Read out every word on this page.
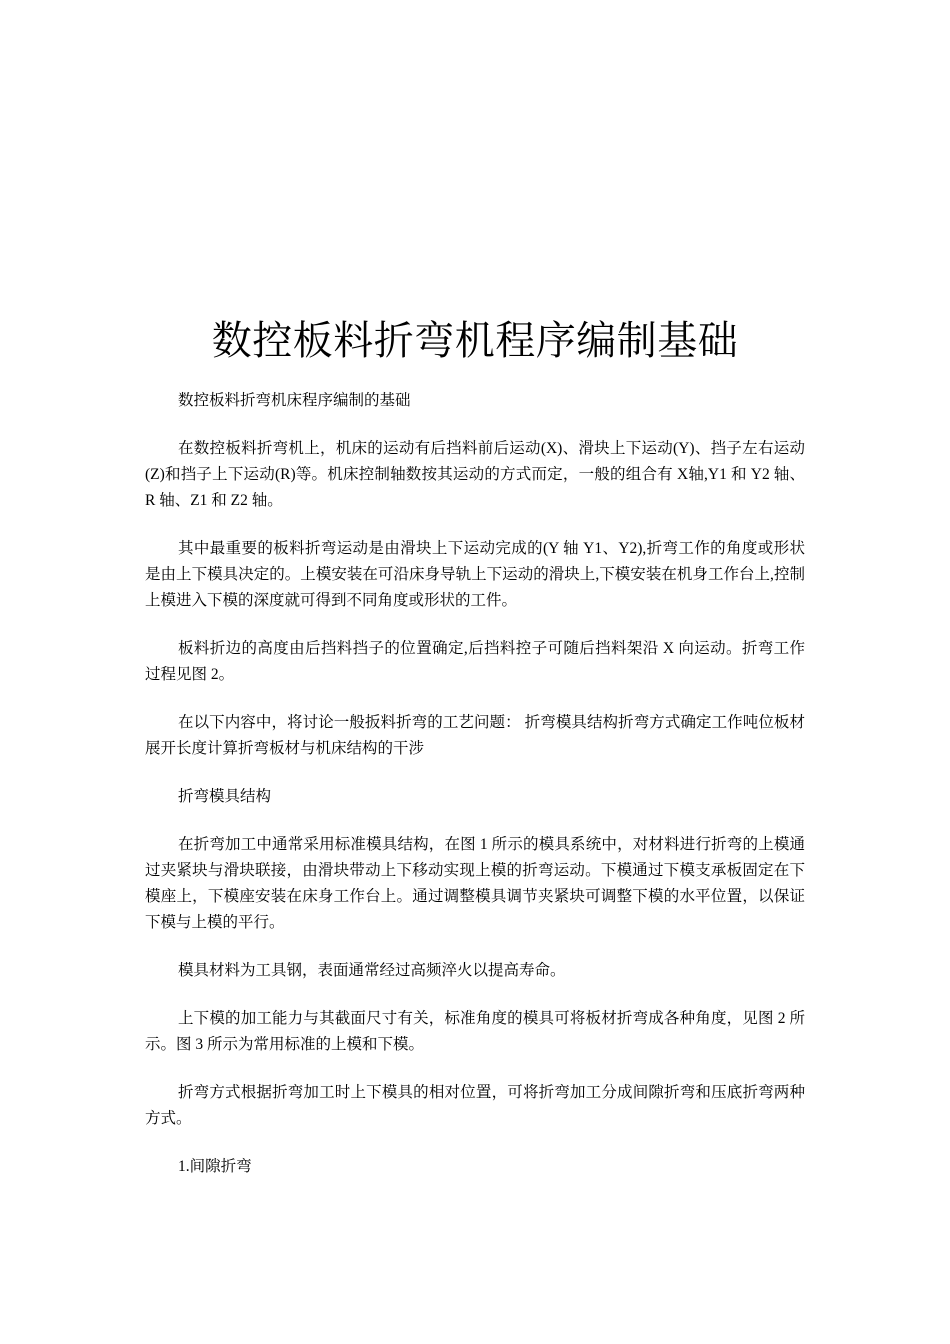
数控板料折弯机程序编制基础

数控板料折弯机床程序编制的基础

在数控板料折弯机上，机床的运动有后挡料前后运动(X)、滑块上下运动(Y)、挡子左右运动(Z)和挡子上下运动(R)等。机床控制轴数按其运动的方式而定，一般的组合有 X轴,Y1 和 Y2 轴、R 轴、Z1 和 Z2 轴。

其中最重要的板料折弯运动是由滑块上下运动完成的(Y 轴 Y1、Y2),折弯工作的角度或形状是由上下模具决定的。上模安装在可沿床身导轨上下运动的滑块上,下模安装在机身工作台上,控制上模进入下模的深度就可得到不同角度或形状的工件。

板料折边的高度由后挡料挡子的位置确定,后挡料控子可随后挡料架沿 X 向运动。折弯工作过程见图 2。

在以下内容中，将讨论一般扳料折弯的工艺问题： 折弯模具结构折弯方式确定工作吨位板材展开长度计算折弯板材与机床结构的干涉

折弯模具结构

在折弯加工中通常采用标准模具结构，在图 1 所示的模具系统中，对材料进行折弯的上模通过夹紧块与滑块联接，由滑块带动上下移动实现上模的折弯运动。下模通过下模支承板固定在下模座上，下模座安装在床身工作台上。通过调整模具调节夹紧块可调整下模的水平位置，以保证下模与上模的平行。

模具材料为工具钢，表面通常经过高频淬火以提高寿命。

上下模的加工能力与其截面尺寸有关，标准角度的模具可将板材折弯成各种角度，见图 2 所示。图 3 所示为常用标准的上模和下模。

折弯方式根据折弯加工时上下模具的相对位置，可将折弯加工分成间隙折弯和压底折弯两种方式。

1.间隙折弯
